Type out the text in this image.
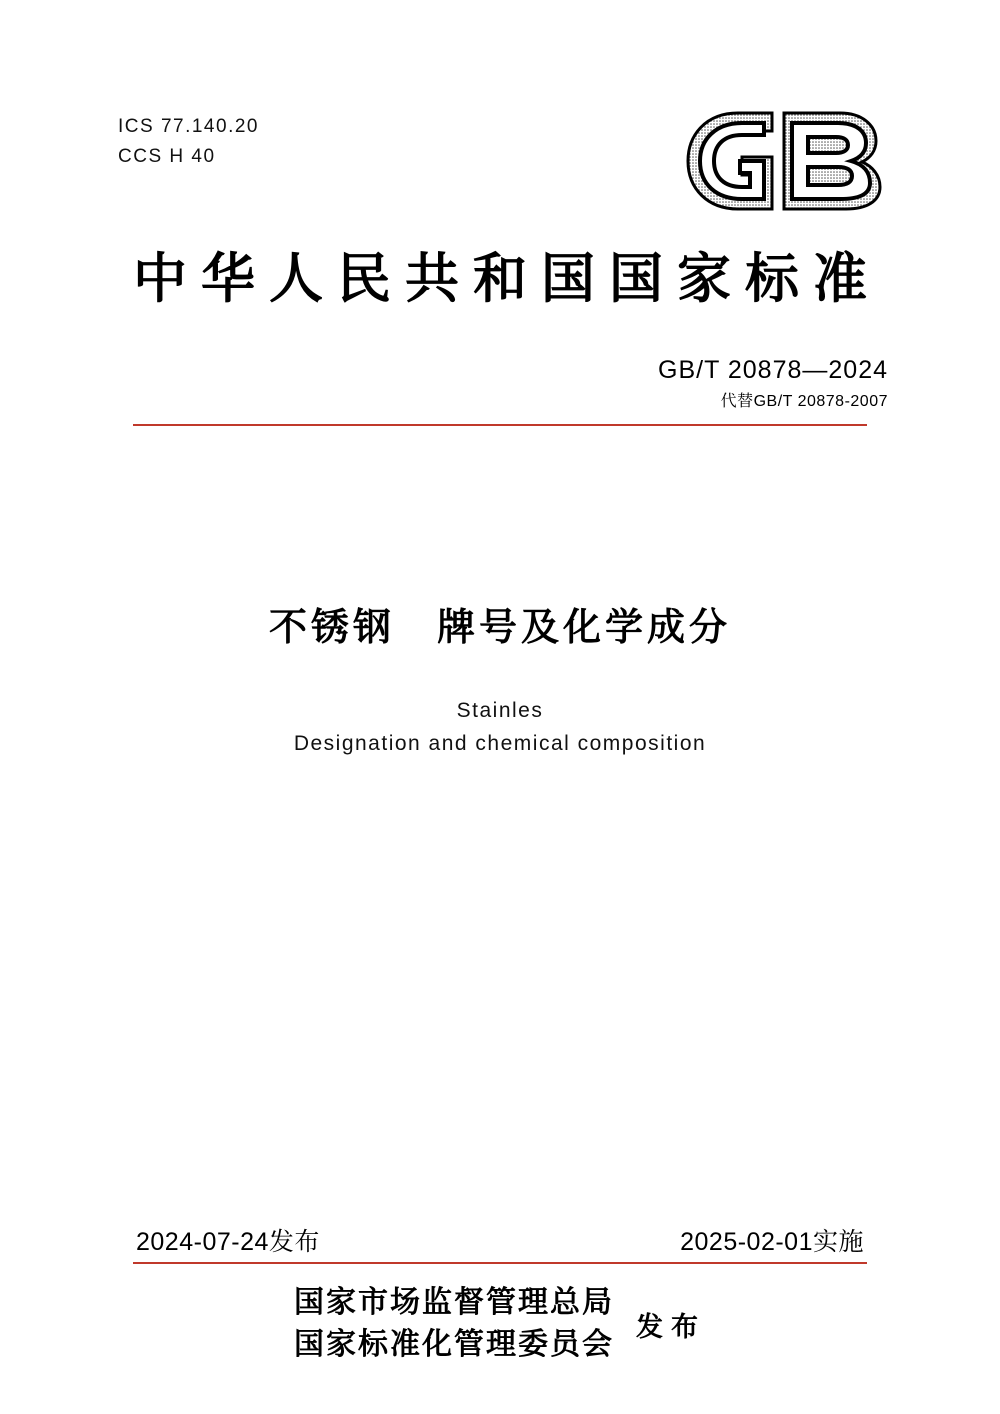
ICS 77.140.20
CCS H 40
中华人民共和国国家标准
GB/T 20878—2024
代替GB/T 20878-2007
不锈钢　牌号及化学成分
Stainles
Designation and chemical composition
2024-07-24发布	2025-02-01实施
国家市场监督管理总局
国家标准化管理委员会 发布
